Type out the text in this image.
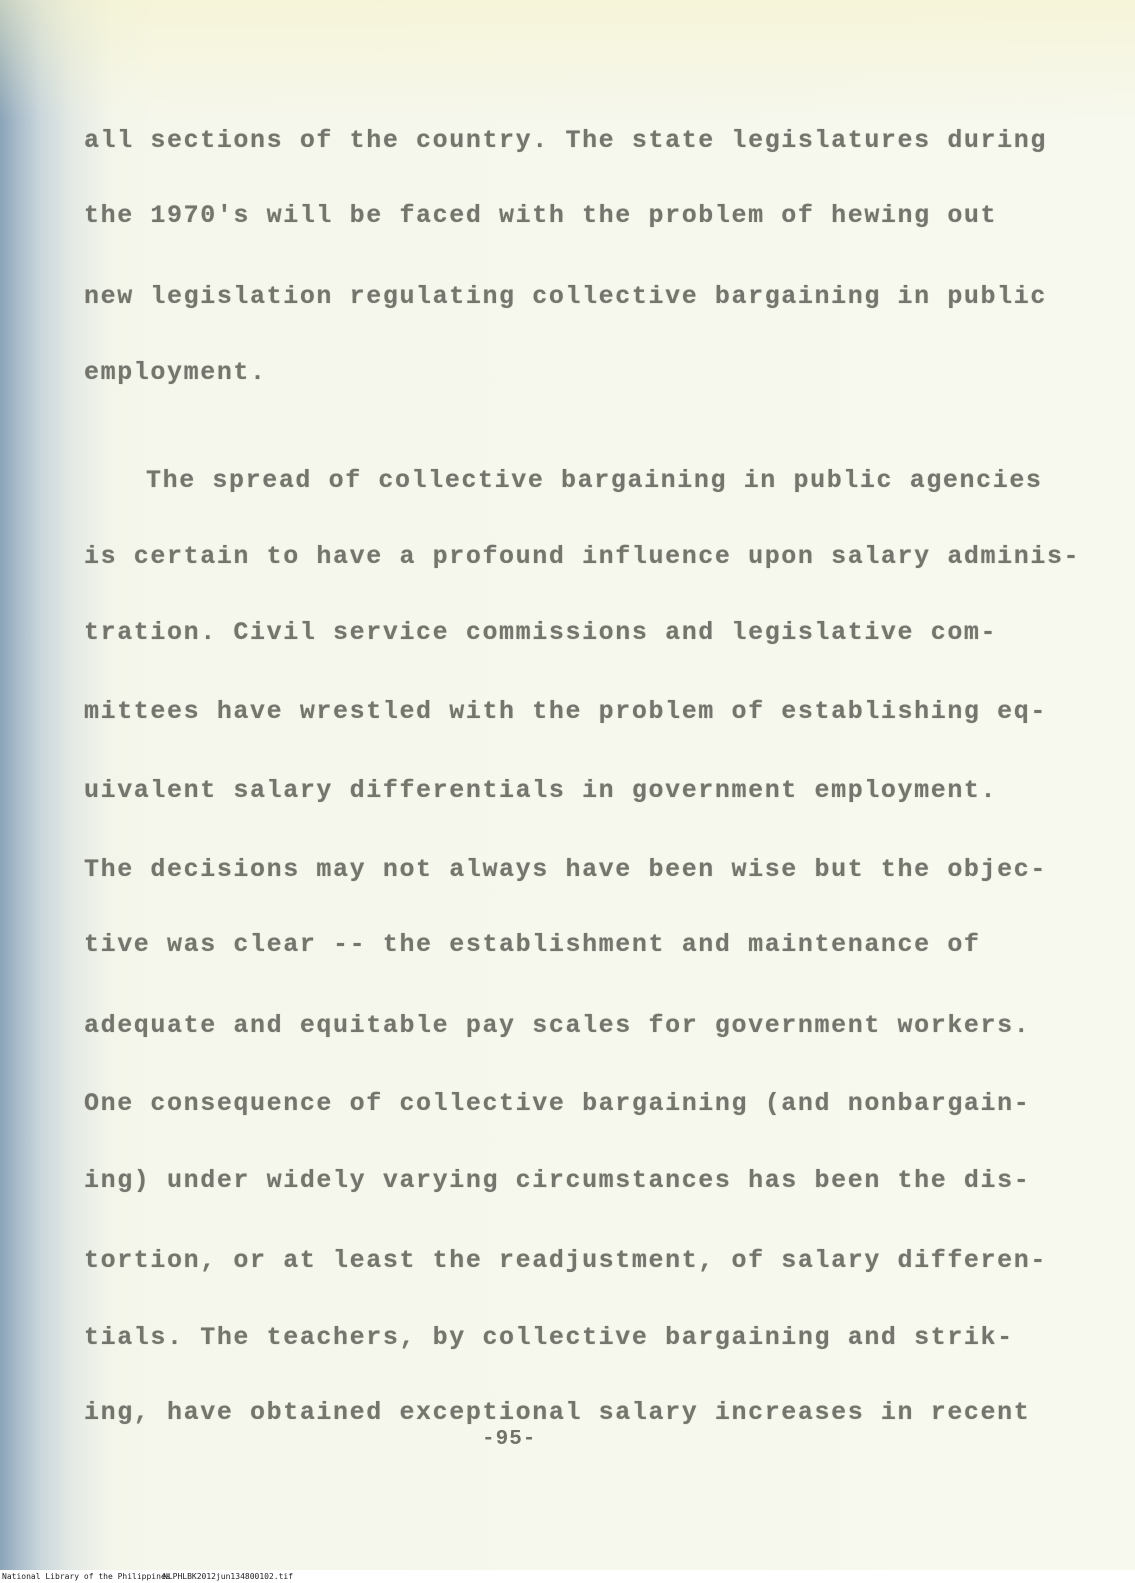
all sections of the country. The state legislatures during
the 1970's will be faced with the problem of hewing out
new legislation regulating collective bargaining in public
employment.
The spread of collective bargaining in public agencies
is certain to have a profound influence upon salary adminis-
tration. Civil service commissions and legislative com-
mittees have wrestled with the problem of establishing eq-
uivalent salary differentials in government employment.
The decisions may not always have been wise but the objec-
tive was clear -- the establishment and maintenance of
adequate and equitable pay scales for government workers.
One consequence of collective bargaining (and nonbargain-
ing) under widely varying circumstances has been the dis-
tortion, or at least the readjustment, of salary differen-
tials. The teachers, by collective bargaining and strik-
ing, have obtained exceptional salary increases in recent
-95-
National Library of the Philippines
NLPHLBK2012jun134800102.tif
